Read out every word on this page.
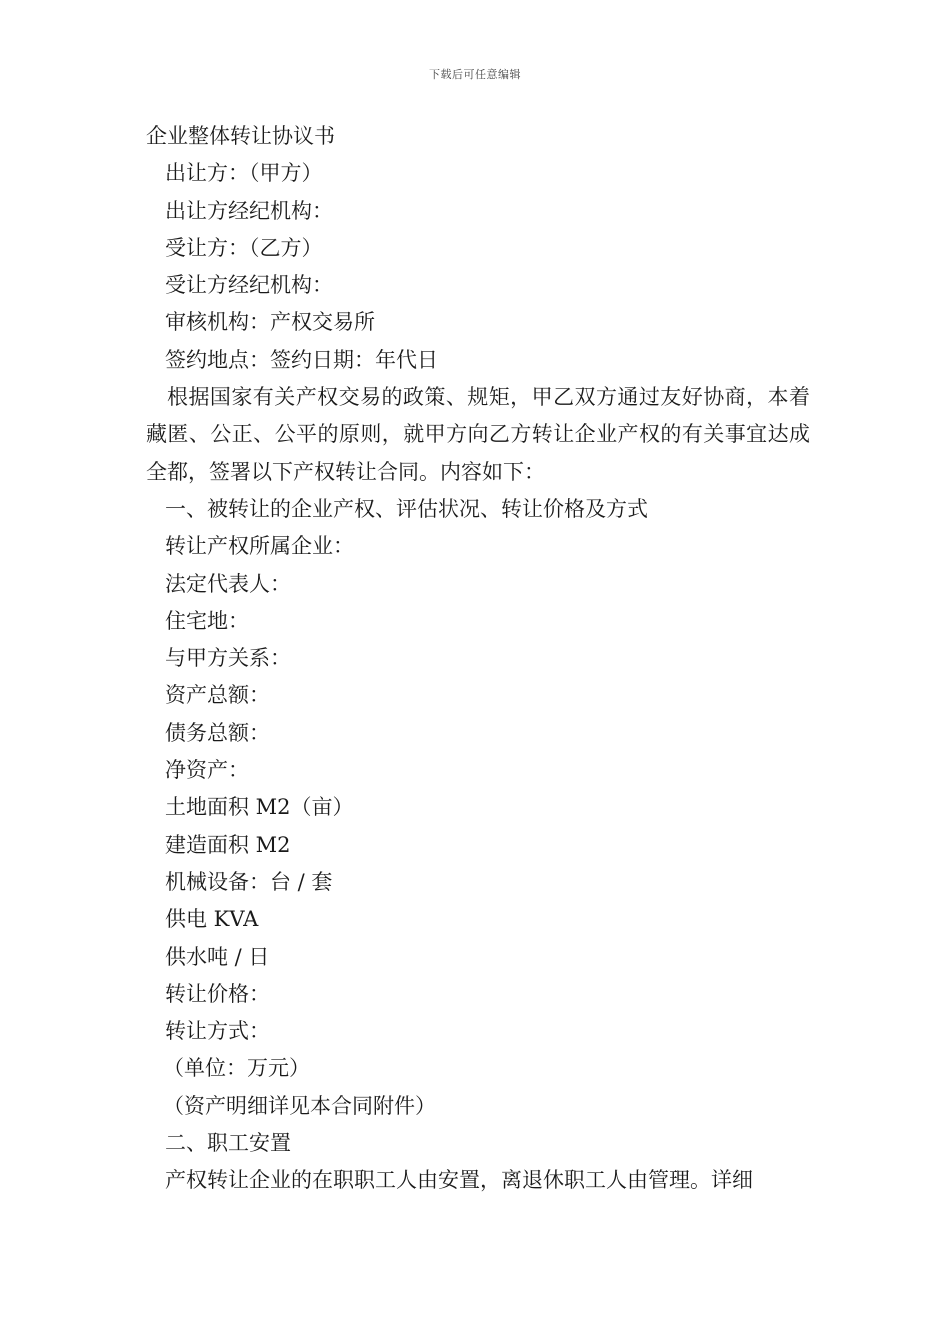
下载后可任意编辑
企业整体转让协议书
出让方：（甲方）
出让方经纪机构：
受让方：（乙方）
受让方经纪机构：
审核机构：产权交易所
签约地点：签约日期：年代日

根据国家有关产权交易的政策、规矩，甲乙双方通过友好协商，本着藏匿、公正、公平的原则，就甲方向乙方转让企业产权的有关事宜达成全都，签署以下产权转让合同。内容如下：

一、被转让的企业产权、评估状况、转让价格及方式
转让产权所属企业：
法定代表人：
住宅地：
与甲方关系：
资产总额：
债务总额：
净资产：
土地面积 M2（亩）
建造面积 M2
机械设备：台 / 套
供电 KVA
供水吨 / 日
转让价格：
转让方式：
（单位：万元）
（资产明细详见本合同附件）
二、职工安置
产权转让企业的在职职工人由安置，离退休职工人由管理。详细
